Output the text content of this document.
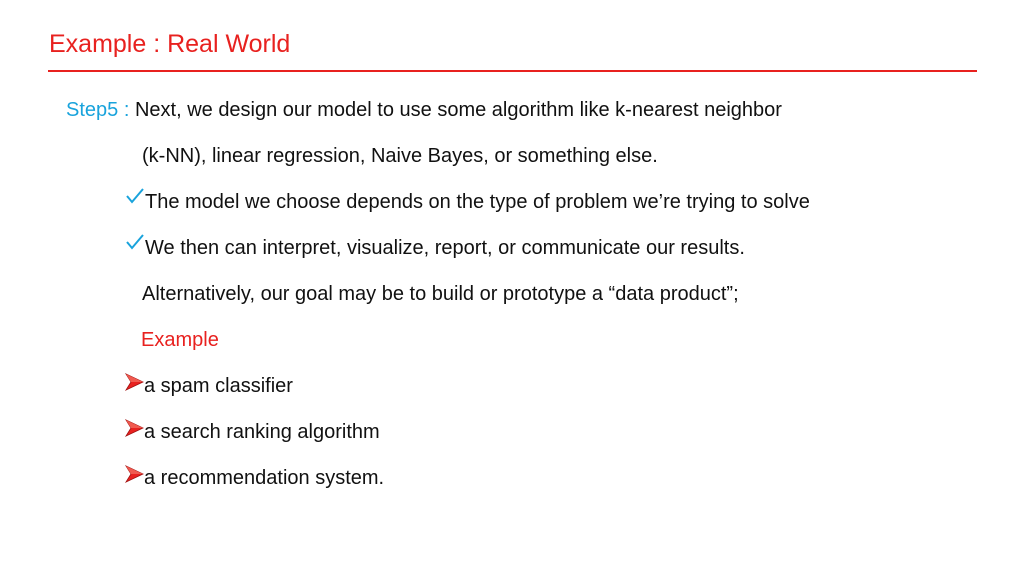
Example : Real World
Step5 : Next, we design our model to use some algorithm like k-nearest neighbor
(k-NN), linear regression, Naive Bayes, or something else.
The model we choose depends on the type of problem we’re trying to solve
We then can interpret, visualize, report, or communicate our results.
Alternatively, our goal may be to build or prototype a “data product”;
Example
a spam classifier
a search ranking algorithm
a recommendation system.
